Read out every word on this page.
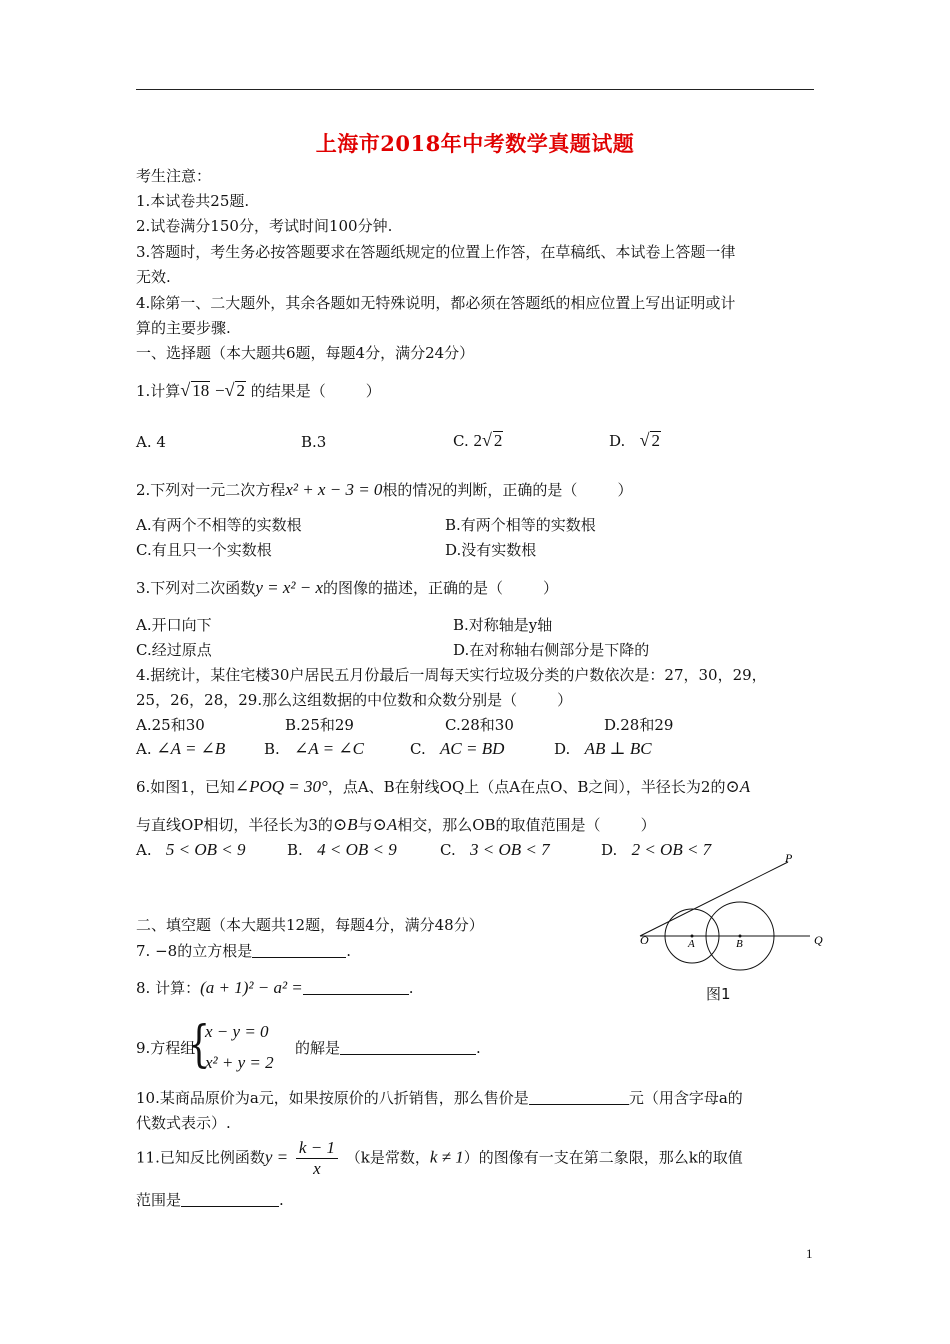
上海市2018年中考数学真题试题
考生注意：
1.本试卷共25题.
2.试卷满分150分，考试时间100分钟.
3.答题时，考生务必按答题要求在答题纸规定的位置上作答，在草稿纸、本试卷上答题一律
无效.
4.除第一、二大题外，其余各题如无特殊说明，都必须在答题纸的相应位置上写出证明或计
算的主要步骤.
一、选择题（本大题共6题，每题4分，满分24分）
1.计算√ 18 −√ 2 的结果是（	）
A. 4	B.3	C. 2√ 2	D. √ 2
2.下列对一元二次方程x² + x − 3 = 0根的情况的判断，正确的是（	）
A.有两个不相等的实数根	B.有两个相等的实数根
C.有且只一个实数根	D.没有实数根
3.下列对二次函数y = x² − x的图像的描述，正确的是（	）
A.开口向下	B.对称轴是y轴
C.经过原点	D.在对称轴右侧部分是下降的
4.据统计，某住宅楼30户居民五月份最后一周每天实行垃圾分类的户数依次是：27，30，29，
25，26，28，29.那么这组数据的中位数和众数分别是（	）
A.25和30	B.25和29	C.28和30	D.28和29
A. ∠A = ∠B	B. ∠A = ∠C	C. AC = BD	D. AB ⊥ BC
6.如图1，已知∠POQ = 30°，点A、B在射线OQ上（点A在点O、B之间），半径长为2的⊙A
与直线OP相切，半径长为3的⊙B与⊙A相交，那么OB的取值范围是（	）
A. 5 < OB < 9	B. 4 < OB < 9	C. 3 < OB < 7	D. 2 < OB < 7	P
O	A	B	Q
图1
二、填空题（本大题共12题，每题4分，满分48分）
7. −8的立方根是	.
8. 计算：(a + 1)² − a² =	.
9.方程组
{
x − y = 0
x² + y = 2
的解是	.
10.某商品原价为a元，如果按原价的八折销售，那么售价是	元（用含字母a的
代数式表示）.
11.已知反比例函数$y = \frac{k - 1}{x} (k$是常数，k ≠ 1）的图像有一支在第二象限，那么k的取值
范围是	.
1
